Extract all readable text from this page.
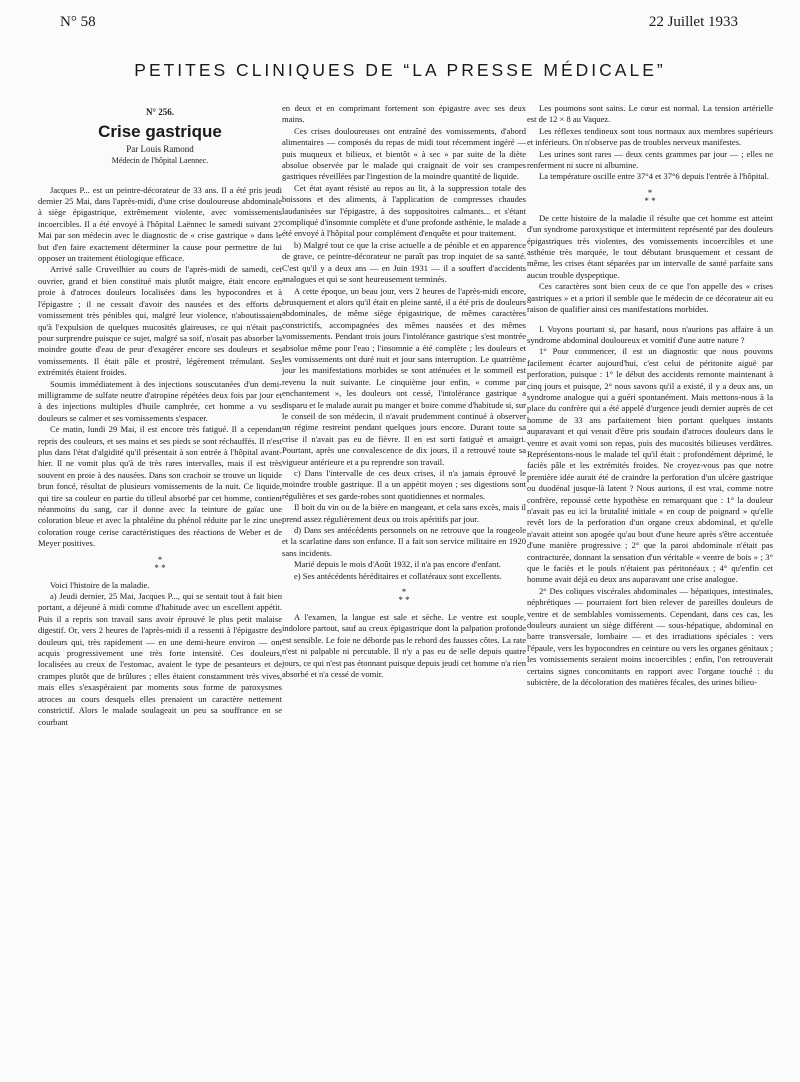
N° 58	22 Juillet 1933
PETITES CLINIQUES DE “LA PRESSE MÉDICALE”

N° 256.

Crise gastrique

Par Louis Ramond

Médecin de l'hôpital Laennec.

Jacques P... est un peintre-décorateur de 33 ans. Il a été pris jeudi dernier 25 Mai, dans l'après-midi, d'une crise douloureuse abdominale à siège épigastrique, extrêmement violente, avec vomissements incoercibles. Il a été envoyé à l'hôpital Laënnec le samedi suivant 27 Mai par son médecin avec le diagnostic de « crise gastrique » dans le but d'en faire exactement déterminer la cause pour permettre de lui opposer un traitement étiologique efficace.

Arrivé salle Cruveilhier au cours de l'après-midi de samedi, cet ouvrier, grand et bien constitué mais plutôt maigre, était encore en proie à d'atroces douleurs localisées dans les hypocondres et à l'épigastre ; il ne cessait d'avoir des nausées et des efforts de vomissement très pénibles qui, malgré leur violence, n'aboutissaient qu'à l'expulsion de quelques mucosités glaireuses, ce qui n'était pas pour surprendre puisque ce sujet, malgré sa soif, n'osait pas absorber la moindre goutte d'eau de peur d'exagérer encore ses douleurs et ses vomissements. Il était pâle et prostré, légèrement trémulant. Ses extrémités étaient froides.

Soumis immédiatement à des injections souscutanées d'un demi-milligramme de sulfate neutre d'atropine répétées deux fois par jour et à des injections multiples d'huile camphrée, cet homme a vu ses douleurs se calmer et ses vomissements s'espacer.

Ce matin, lundi 29 Mai, il est encore très fatigué. Il a cependant repris des couleurs, et ses mains et ses pieds se sont réchauffés. Il n'est plus dans l'état d'algidité qu'il présentait à son entrée à l'hôpital avant-hier. Il ne vomit plus qu'à de très rares intervalles, mais il est très souvent en proie à des nausées. Dans son crachoir se trouve un liquide brun foncé, résultat de plusieurs vomissements de la nuit. Ce liquide, qui tire sa couleur en partie du tilleul absorbé par cet homme, contient néanmoins du sang, car il donne avec la teinture de gaïac une coloration bleue et avec la phtaléine du phénol réduite par le zinc une coloration rouge cerise caractéristiques des réactions de Weber et de Meyer positives.

*
* *

Voici l'histoire de la maladie.

a) Jeudi dernier, 25 Mai, Jacques P..., qui se sentait tout à fait bien portant, a déjeuné à midi comme d'habitude avec un excellent appétit. Puis il a repris son travail sans avoir éprouvé le plus petit malaise digestif. Or, vers 2 heures de l'après-midi il a ressenti à l'épigastre des douleurs qui, très rapidement — en une demi-heure environ — ont acquis progressivement une très forte intensité. Ces douleurs, localisées au creux de l'estomac, avaient le type de pesanteurs et de crampes plutôt que de brûlures ; elles étaient constamment très vives, mais elles s'exaspéraient par moments sous forme de paroxysmes atroces au cours desquels elles prenaient un caractère nettement constrictif. Alors le malade soulageait un peu sa souffrance en se courbant

en deux et en comprimant fortement son épigastre avec ses deux mains.

Ces crises douloureuses ont entraîné des vomissements, d'abord alimentaires — composés du repas de midi tout récemment ingéré — puis muqueux et bilieux, et bientôt « à sec » par suite de la diète absolue observée par le malade qui craignait de voir ses crampes gastriques réveillées par l'ingestion de la moindre quantité de liquide.

Cet état ayant résisté au repos au lit, à la suppression totale des boissons et des aliments, à l'application de compresses chaudes laudanisées sur l'épigastre, à des suppositoires calmants... et s'étant compliqué d'insomnie complète et d'une profonde asthénie, le malade a été envoyé à l'hôpital pour complément d'enquête et pour traitement.

b) Malgré tout ce que la crise actuelle a de pénible et en apparence de grave, ce peintre-décorateur ne paraît pas trop inquiet de sa santé. C'est qu'il y a deux ans — en Juin 1931 — il a souffert d'accidents analogues et qui se sont heureusement terminés.

A cette époque, un beau jour, vers 2 heures de l'après-midi encore, brusquement et alors qu'il était en pleine santé, il a été pris de douleurs abdominales, de même siège épigastrique, de mêmes caractères constrictifs, accompagnées des mêmes nausées et des mêmes vomissements. Pendant trois jours l'intolérance gastrique s'est montrée absolue même pour l'eau ; l'insomnie a été complète ; les douleurs et les vomissements ont duré nuit et jour sans interruption. Le quatrième jour les manifestations morbides se sont atténuées et le sommeil est revenu la nuit suivante. Le cinquième jour enfin, « comme par enchantement », les douleurs ont cessé, l'intolérance gastrique a disparu et le malade aurait pu manger et boire comme d'habitude si, sur le conseil de son médecin, il n'avait prudemment continué à observer un régime restreint pendant quelques jours encore. Durant toute sa crise il n'avait pas eu de fièvre. Il en est sorti fatigué et amaigri. Pourtant, après une convalescence de dix jours, il a retrouvé toute sa vigueur antérieure et a pu reprendre son travail.

c) Dans l'intervalle de ces deux crises, il n'a jamais éprouvé le moindre trouble gastrique. Il a un appétit moyen ; ses digestions sont régulières et ses garde-robes sont quotidiennes et normales.

Il boit du vin ou de la bière en mangeant, et cela sans excès, mais il prend assez régulièrement deux ou trois apéritifs par jour.

d) Dans ses antécédents personnels on ne retrouve que la rougeole et la scarlatine dans son enfance. Il a fait son service militaire en 1920 sans incidents.

Marié depuis le mois d'Août 1932, il n'a pas encore d'enfant.

e) Ses antécédents héréditaires et collatéraux sont excellents.

*
* *

A l'examen, la langue est sale et sèche. Le ventre est souple, indolore partout, sauf au creux épigastrique dont la palpation profonde est sensible. Le foie ne déborde pas le rebord des fausses côtes. La rate n'est ni palpable ni percutable. Il n'y a pas eu de selle depuis quatre jours, ce qui n'est pas étonnant puisque depuis jeudi cet homme n'a rien absorbé et n'a cessé de vomir.

Les poumons sont sains. Le cœur est normal. La tension artérielle est de 12 × 8 au Vaquez.

Les réflexes tendineux sont tous normaux aux membres supérieurs et inférieurs. On n'observe pas de troubles nerveux manifestes.

Les urines sont rares — deux cents grammes par jour — ; elles ne renferment ni sucre ni albumine.

La température oscille entre 37°4 et 37°6 depuis l'entrée à l'hôpital.

*
* *

De cette histoire de la maladie il résulte que cet homme est atteint d'un syndrome paroxystique et intermittent représenté par des douleurs épigastriques très violentes, des vomissements incoercibles et une asthénie très marquée, le tout débutant brusquement et cessant de même, les crises étant séparées par un intervalle de santé parfaite sans aucun trouble dyspeptique.

Ces caractères sont bien ceux de ce que l'on appelle des « crises gastriques » et a priori il semble que le médecin de ce décorateur ait eu raison de qualifier ainsi ces manifestations morbides.

I. Voyons pourtant si, par hasard, nous n'aurions pas affaire à un syndrome abdominal douloureux et vomitif d'une autre nature ?

1° Pour commencer, il est un diagnostic que nous pouvons facilement écarter aujourd'hui, c'est celui de péritonite aiguë par perforation, puisque : 1° le début des accidents remonte maintenant à cinq jours et puisque, 2° nous savons qu'il a existé, il y a deux ans, un syndrome analogue qui a guéri spontanément. Mais mettons-nous à la place du confrère qui a été appelé d'urgence jeudi dernier auprès de cet homme de 33 ans parfaitement bien portant quelques instants auparavant et qui venait d'être pris soudain d'atroces douleurs dans le ventre et avait vomi son repas, puis des mucosités bilieuses verdâtres. Représentons-nous le malade tel qu'il était : profondément déprimé, le faciès pâle et les extrémités froides. Ne croyez-vous pas que notre première idée aurait été de craindre la perforation d'un ulcère gastrique ou duodénal jusque-là latent ? Nous aurions, il est vrai, comme notre confrère, repoussé cette hypothèse en remarquant que : 1° la douleur n'avait pas eu ici la brutalité initiale « en coup de poignard » qu'elle revêt lors de la perforation d'un organe creux abdominal, et qu'elle n'avait atteint son apogée qu'au bout d'une heure après s'être accentuée d'une manière progressive ; 2° que la paroi abdominale n'était pas contracturée, donnant la sensation d'un véritable « ventre de bois » ; 3° que le faciès et le pouls n'étaient pas péritonéaux ; 4° qu'enfin cet homme avait déjà eu deux ans auparavant une crise analogue.

2° Des coliques viscérales abdominales — hépatiques, intestinales, néphrétiques — pourraient fort bien relever de pareilles douleurs de ventre et de semblables vomissements. Cependant, dans ces cas, les douleurs auraient un siège différent — sous-hépatique, abdominal en barre transversale, lombaire — et des irradiations spéciales : vers l'épaule, vers les hypocondres en ceinture ou vers les organes génitaux ; les vomissements seraient moins incoercibles ; enfin, l'on retrouverait certains signes concomitants en rapport avec l'organe touché : du subictère, de la décoloration des matières fécales, des urines bilieu-
